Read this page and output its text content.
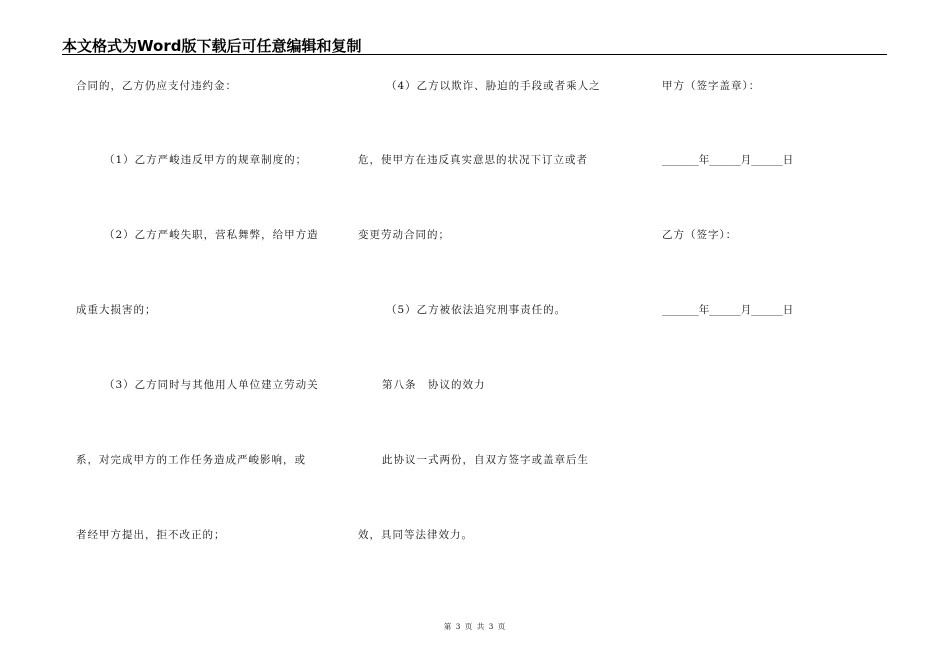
本文格式为Word版下载后可任意编辑和复制
合同的，乙方仍应支付违约金：
（1）乙方严峻违反甲方的规章制度的；
（2）乙方严峻失职，营私舞弊，给甲方造
成重大损害的；
（3）乙方同时与其他用人单位建立劳动关
系，对完成甲方的工作任务造成严峻影响，或
者经甲方提出，拒不改正的；
（4）乙方以欺诈、胁迫的手段或者乘人之
危，使甲方在违反真实意思的状况下订立或者
变更劳动合同的；
（5）乙方被依法追究刑事责任的。
第八条　协议的效力
此协议一式两份，自双方签字或盖章后生
效，具同等法律效力。
甲方（签字盖章）：
_______年______月______日
乙方（签字）：
_______年______月______日
第 3 页 共 3 页
